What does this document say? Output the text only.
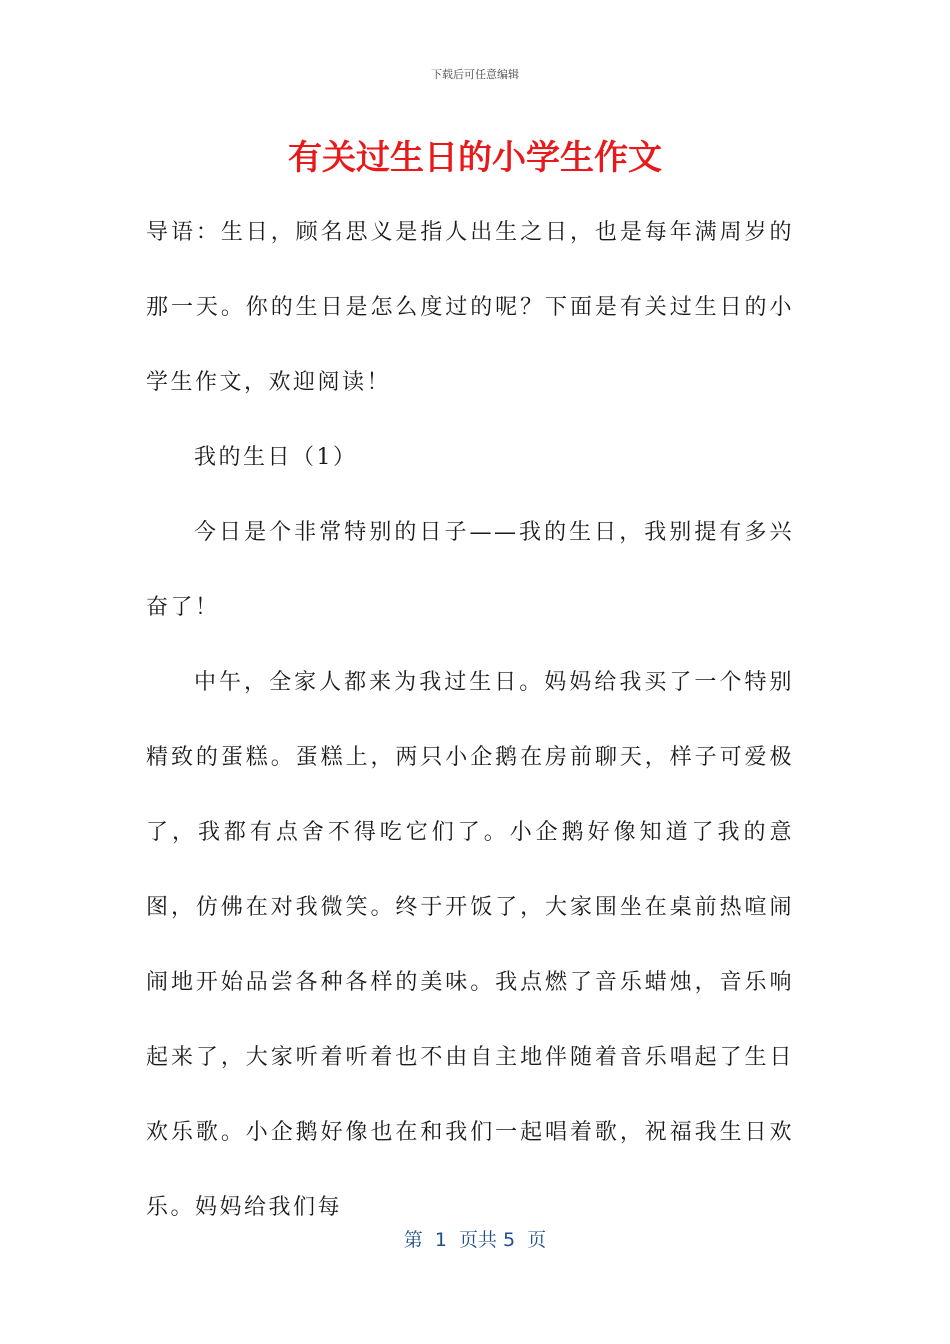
下载后可任意编辑
有关过生日的小学生作文

导语：生日，顾名思义是指人出生之日，也是每年满周岁的那一天。你的生日是怎么度过的呢？下面是有关过生日的小学生作文，欢迎阅读！

我的生日（1）

今日是个非常特别的日子——我的生日，我别提有多兴奋了！

中午，全家人都来为我过生日。妈妈给我买了一个特别精致的蛋糕。蛋糕上，两只小企鹅在房前聊天，样子可爱极了，我都有点舍不得吃它们了。小企鹅好像知道了我的意图，仿佛在对我微笑。终于开饭了，大家围坐在桌前热喧闹闹地开始品尝各种各样的美味。我点燃了音乐蜡烛，音乐响起来了，大家听着听着也不由自主地伴随着音乐唱起了生日欢乐歌。小企鹅好像也在和我们一起唱着歌，祝福我生日欢乐。妈妈给我们每

第  1  页共 5  页
